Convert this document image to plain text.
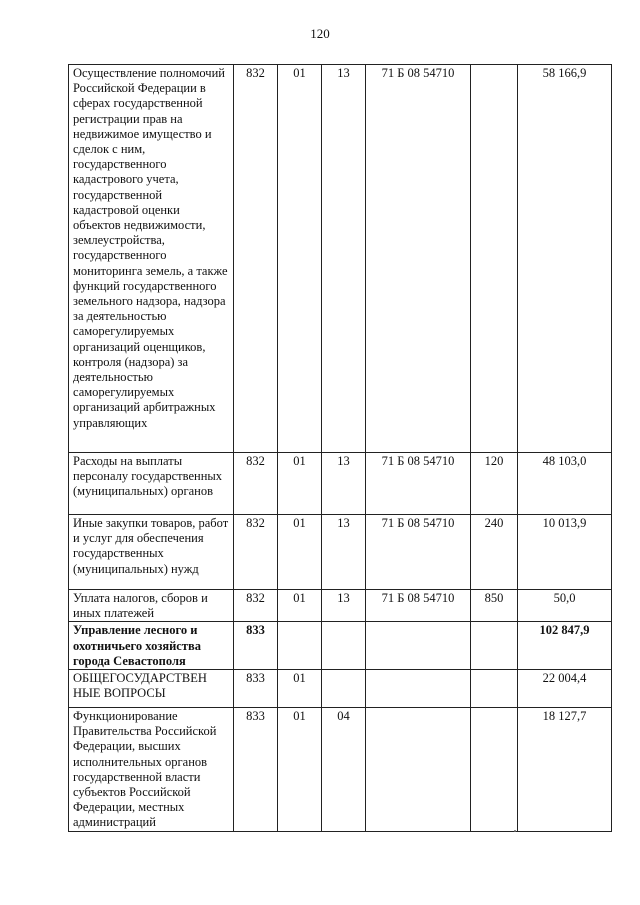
120
Осуществление полномочий Российской Федерации в сферах государственной регистрации прав на недвижимое имущество и сделок с ним, государственного кадастрового учета, государственной кадастровой оценки объектов недвижимости, землеустройства, государственного мониторинга земель, а также функций государственного земельного надзора, надзора за деятельностью саморегулируемых организаций оценщиков, контроля (надзора) за деятельностью саморегулируемых организаций арбитражных управляющих	832	01	13	71 Б 08 54710		58 166,9
Расходы на выплаты персоналу государственных (муниципальных) органов	832	01	13	71 Б 08 54710	120	48 103,0
Иные закупки товаров, работ и услуг для обеспечения государственных (муниципальных) нужд	832	01	13	71 Б 08 54710	240	10 013,9
Уплата налогов, сборов и иных платежей	832	01	13	71 Б 08 54710	850	50,0
Управление лесного и охотничьего хозяйства города Севастополя	833					102 847,9
ОБЩЕГОСУДАРСТВЕН НЫЕ ВОПРОСЫ	833	01				22 004,4
Функционирование Правительства Российской Федерации, высших исполнительных органов государственной власти субъектов Российской Федерации, местных администраций	833	01	04			18 127,7
